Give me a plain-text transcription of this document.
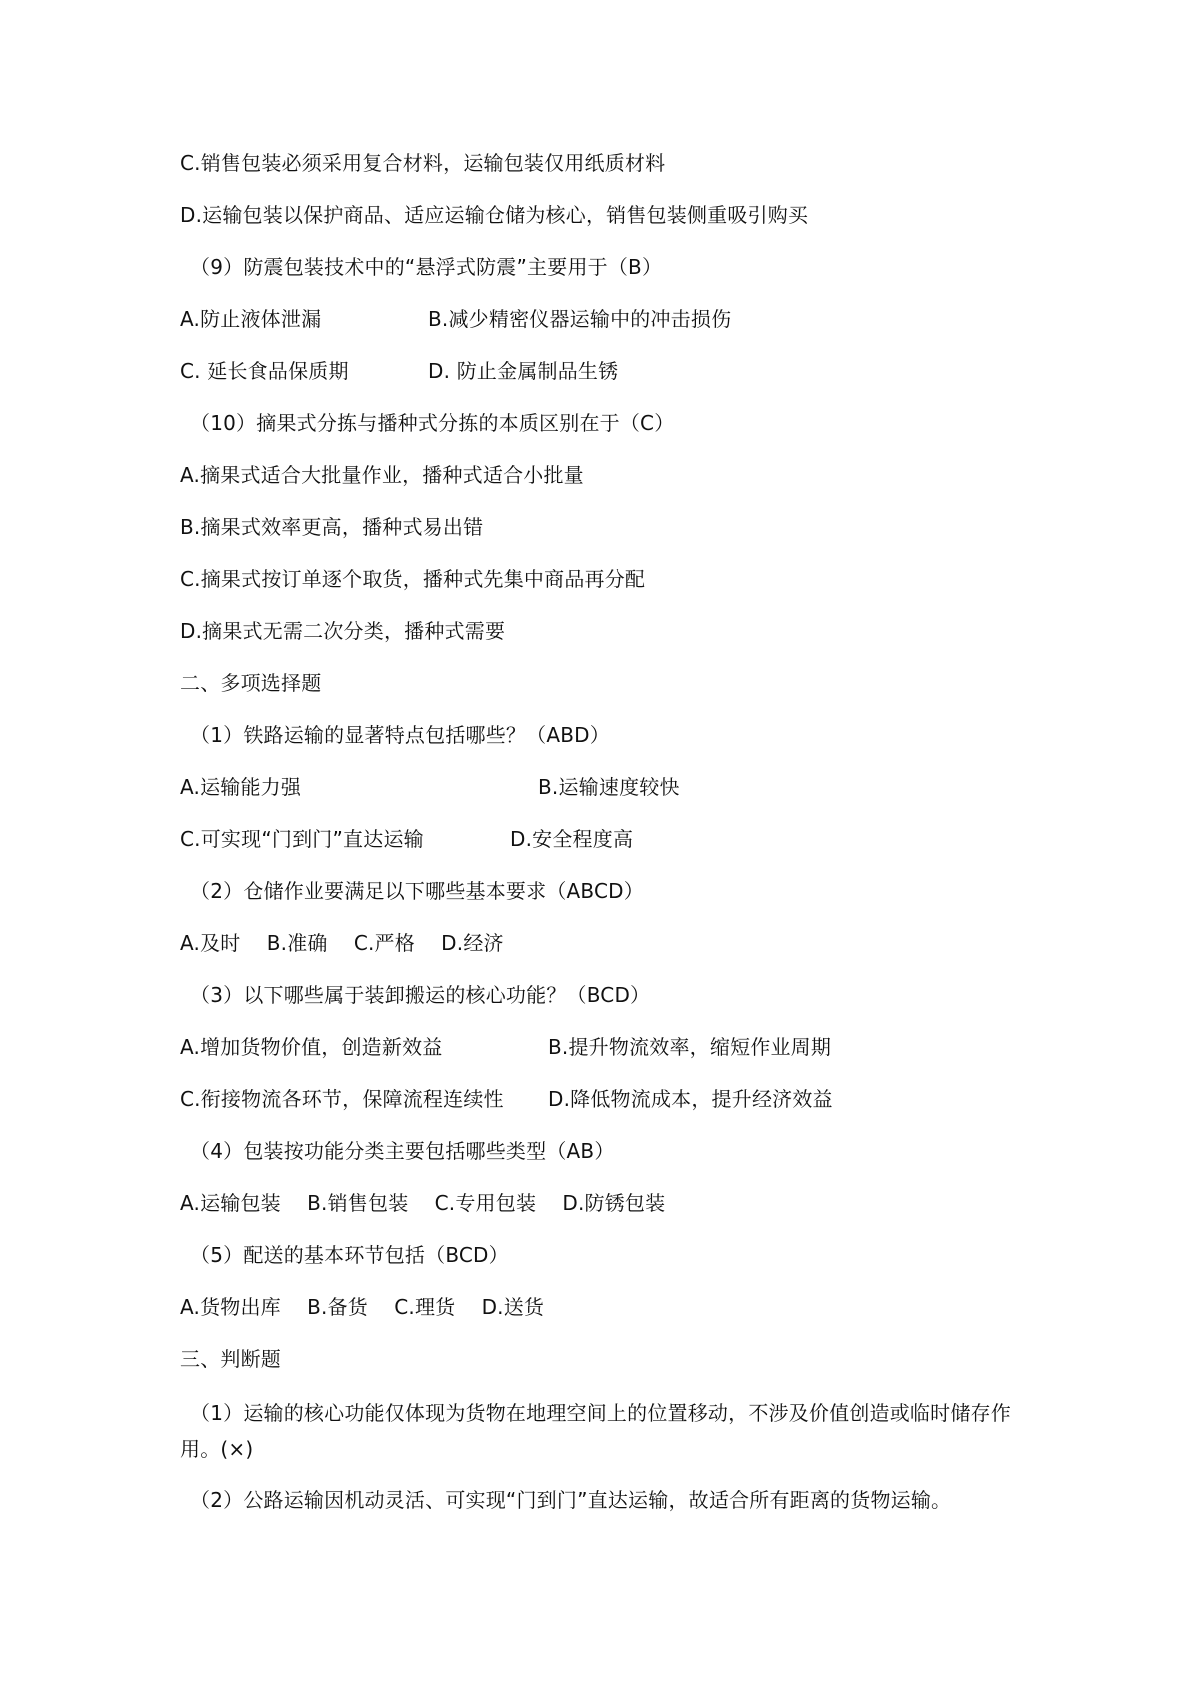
C.销售包装必须采用复合材料，运输包装仅用纸质材料
D.运输包装以保护商品、适应运输仓储为核心，销售包装侧重吸引购买
（9）防震包装技术中的“悬浮式防震”主要用于（B）
A.防止液体泄漏	B.减少精密仪器运输中的冲击损伤
C. 延长食品保质期	D. 防止金属制品生锈
（10）摘果式分拣与播种式分拣的本质区别在于（C）
A.摘果式适合大批量作业，播种式适合小批量
B.摘果式效率更高，播种式易出错
C.摘果式按订单逐个取货，播种式先集中商品再分配
D.摘果式无需二次分类，播种式需要
二、多项选择题
（1）铁路运输的显著特点包括哪些？（ABD）
A.运输能力强	B.运输速度较快
C.可实现“门到门”直达运输	D.安全程度高
（2）仓储作业要满足以下哪些基本要求（ABCD）
A.及时    B.准确    C.严格    D.经济
（3）以下哪些属于装卸搬运的核心功能？（BCD）
A.增加货物价值，创造新效益	B.提升物流效率，缩短作业周期
C.衔接物流各环节，保障流程连续性 D.降低物流成本，提升经济效益
（4）包装按功能分类主要包括哪些类型（AB）
A.运输包装    B.销售包装    C.专用包装    D.防锈包装
（5）配送的基本环节包括（BCD）
A.货物出库    B.备货    C.理货    D.送货
三、判断题
（1）运输的核心功能仅体现为货物在地理空间上的位置移动，不涉及价值创造或临时储存作用。(×)
（2）公路运输因机动灵活、可实现“门到门”直达运输，故适合所有距离的货物运输。
